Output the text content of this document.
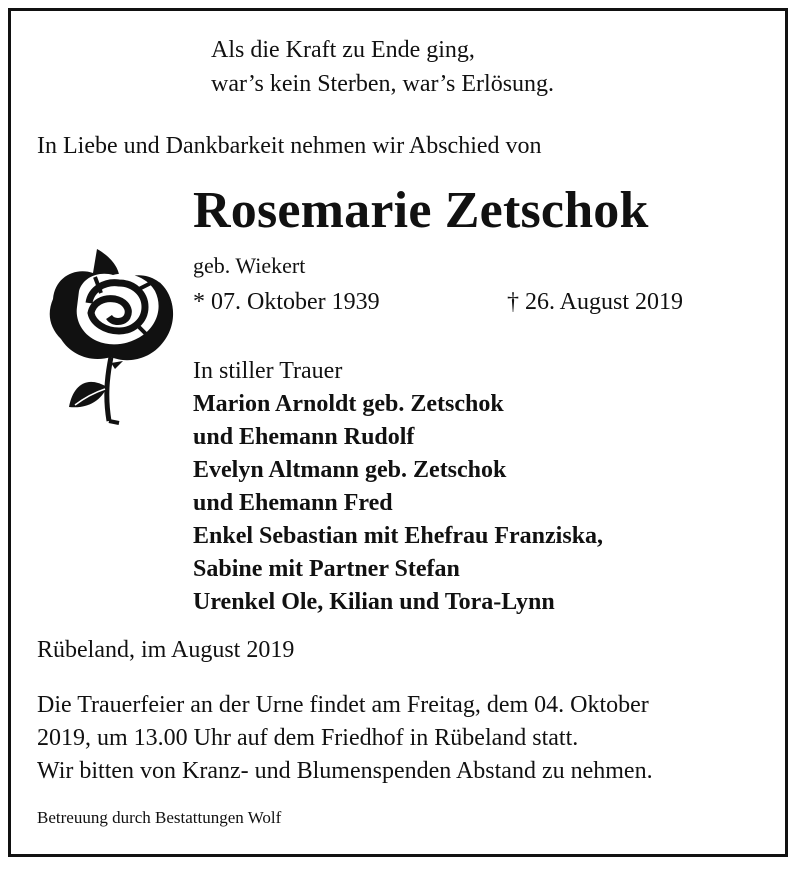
Als die Kraft zu Ende ging,
war’s kein Sterben, war’s Erlösung.
In Liebe und Dankbarkeit nehmen wir Abschied von
Rosemarie Zetschok
geb. Wiekert
* 07. Oktober 1939	† 26. August 2019
In stiller Trauer
Marion Arnoldt geb. Zetschok
und Ehemann Rudolf
Evelyn Altmann geb. Zetschok
und Ehemann Fred
Enkel Sebastian mit Ehefrau Franziska,
Sabine mit Partner Stefan
Urenkel Ole, Kilian und Tora-Lynn
Rübeland, im August 2019
Die Trauerfeier an der Urne findet am Freitag, dem 04. Oktober
2019, um 13.00 Uhr auf dem Friedhof in Rübeland statt.
Wir bitten von Kranz- und Blumenspenden Abstand zu nehmen.
Betreuung durch Bestattungen Wolf
